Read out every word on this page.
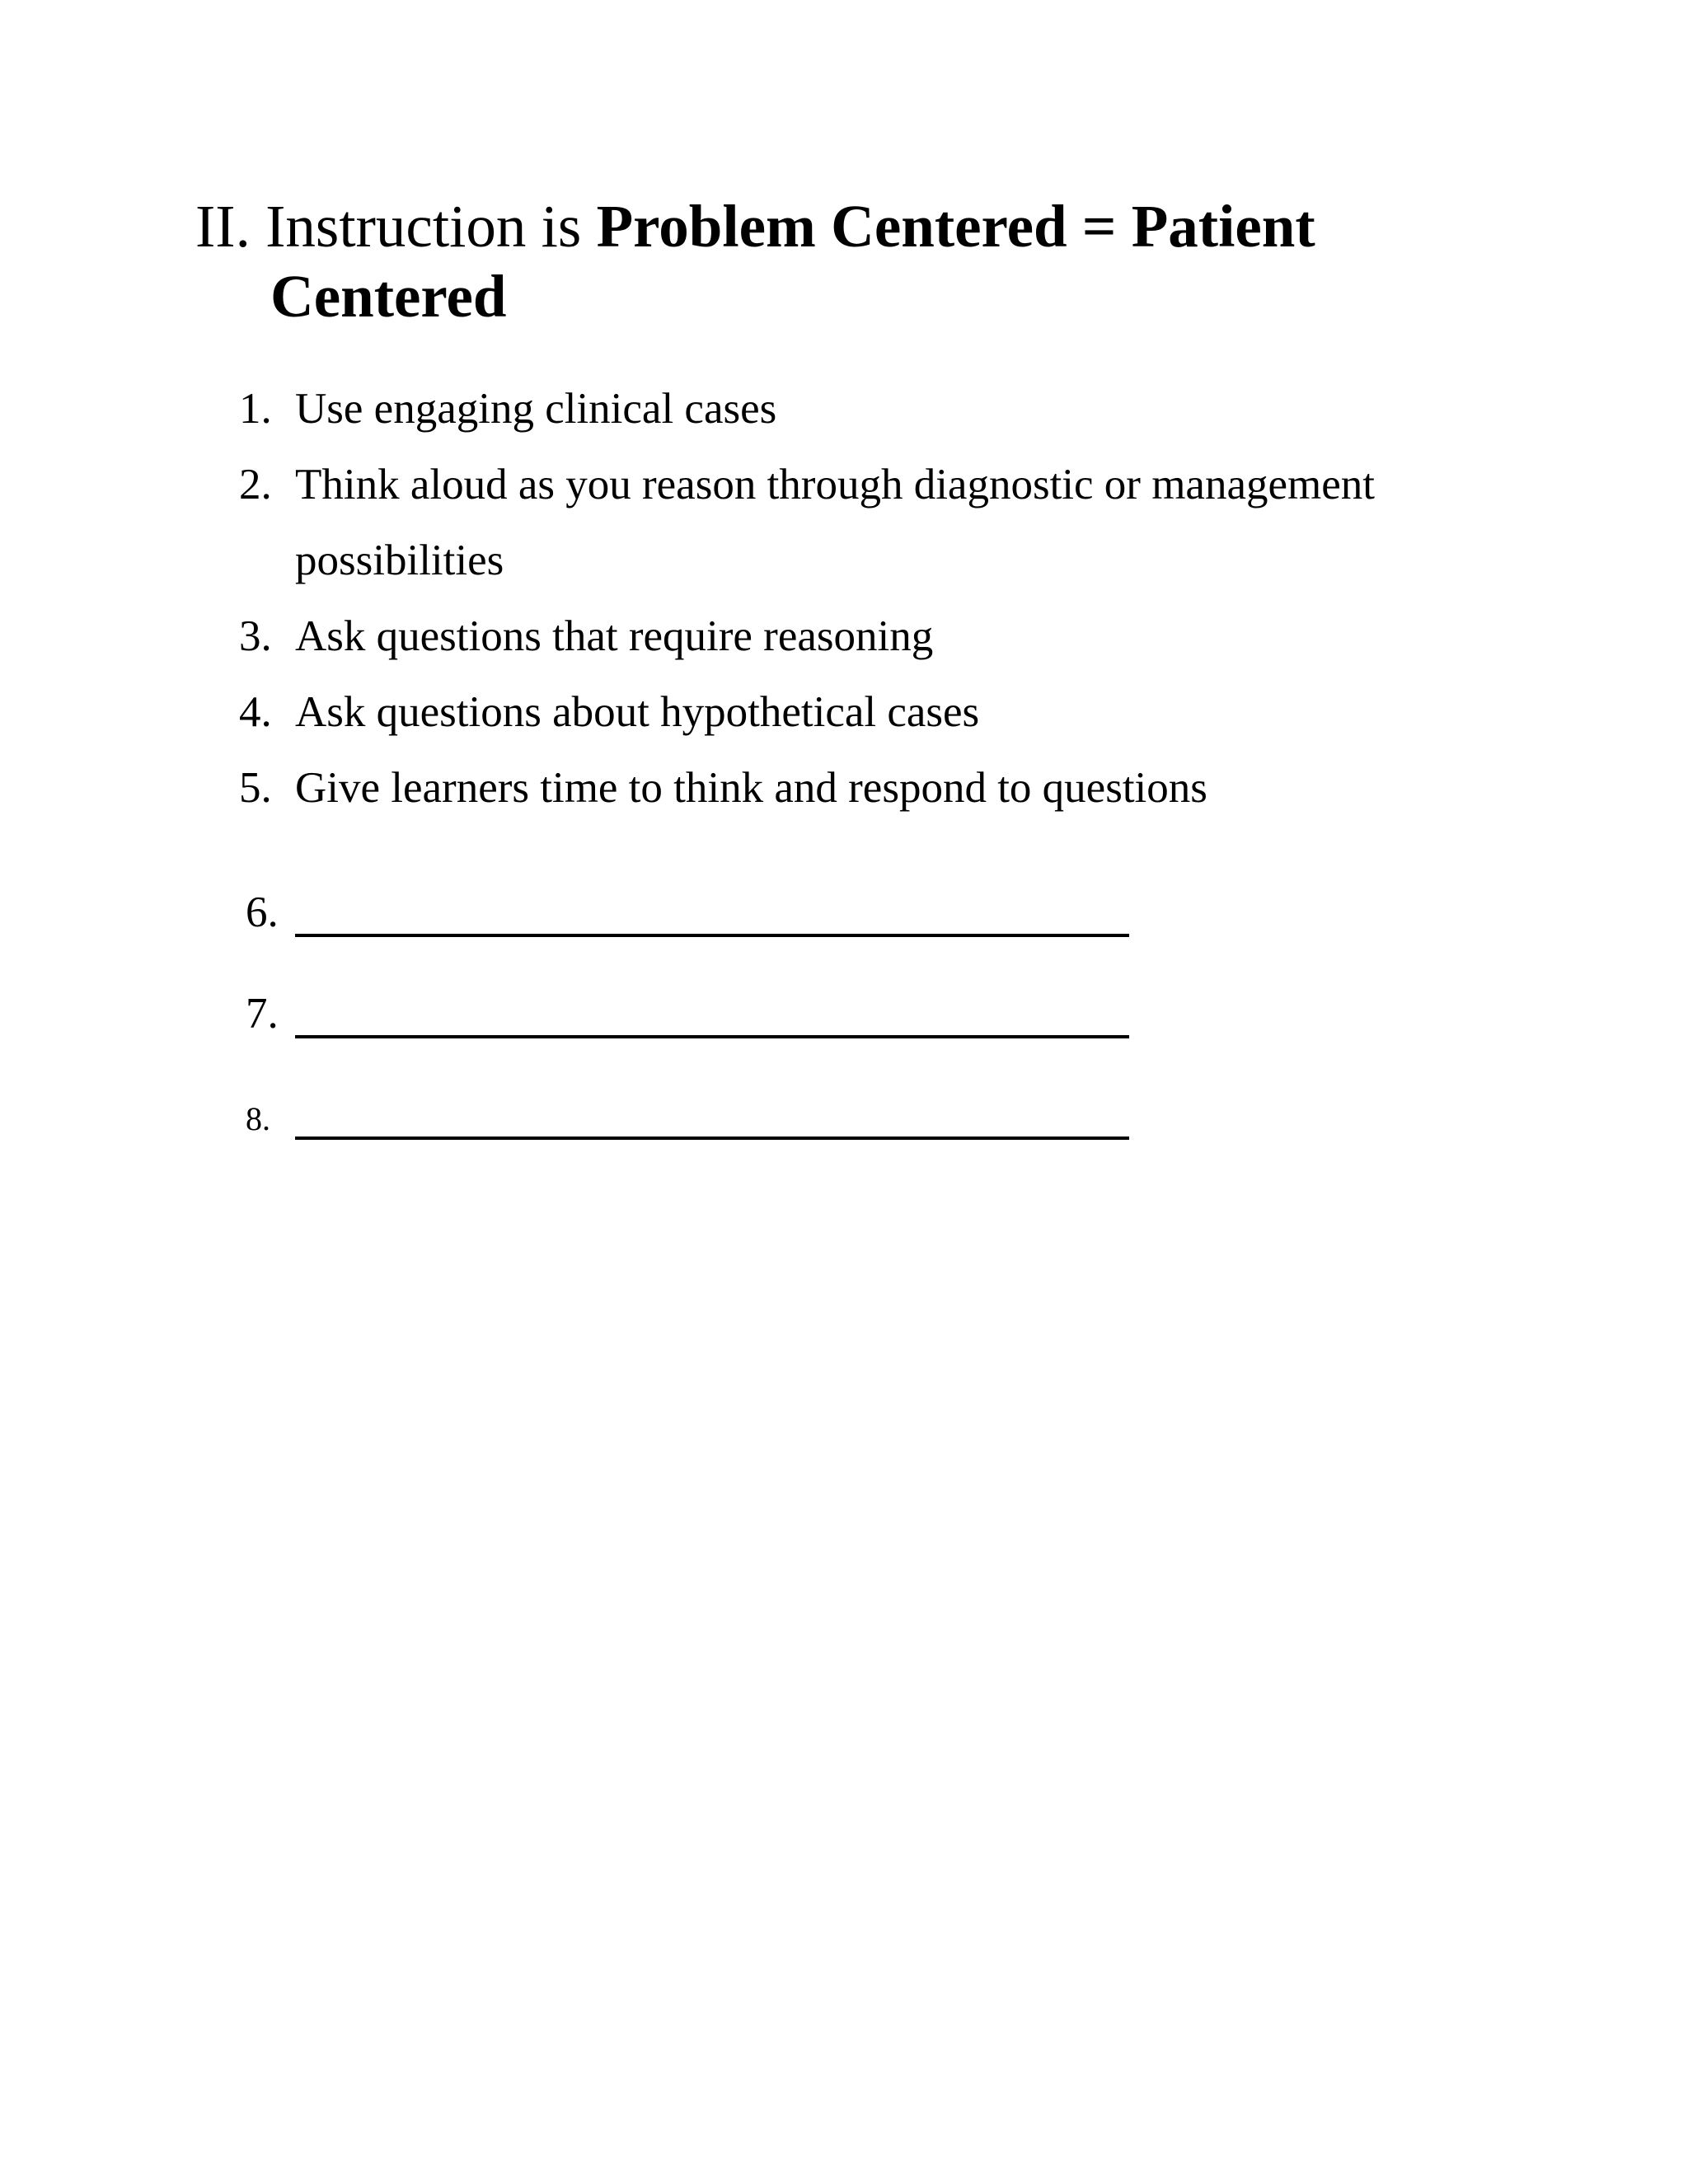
II. Instruction is Problem Centered = Patient
Centered
1. Use engaging clinical cases
2. Think aloud as you reason through diagnostic or management
possibilities
3. Ask questions that require reasoning
4. Ask questions about hypothetical cases
5. Give learners time to think and respond to questions
6.
7.
8.
